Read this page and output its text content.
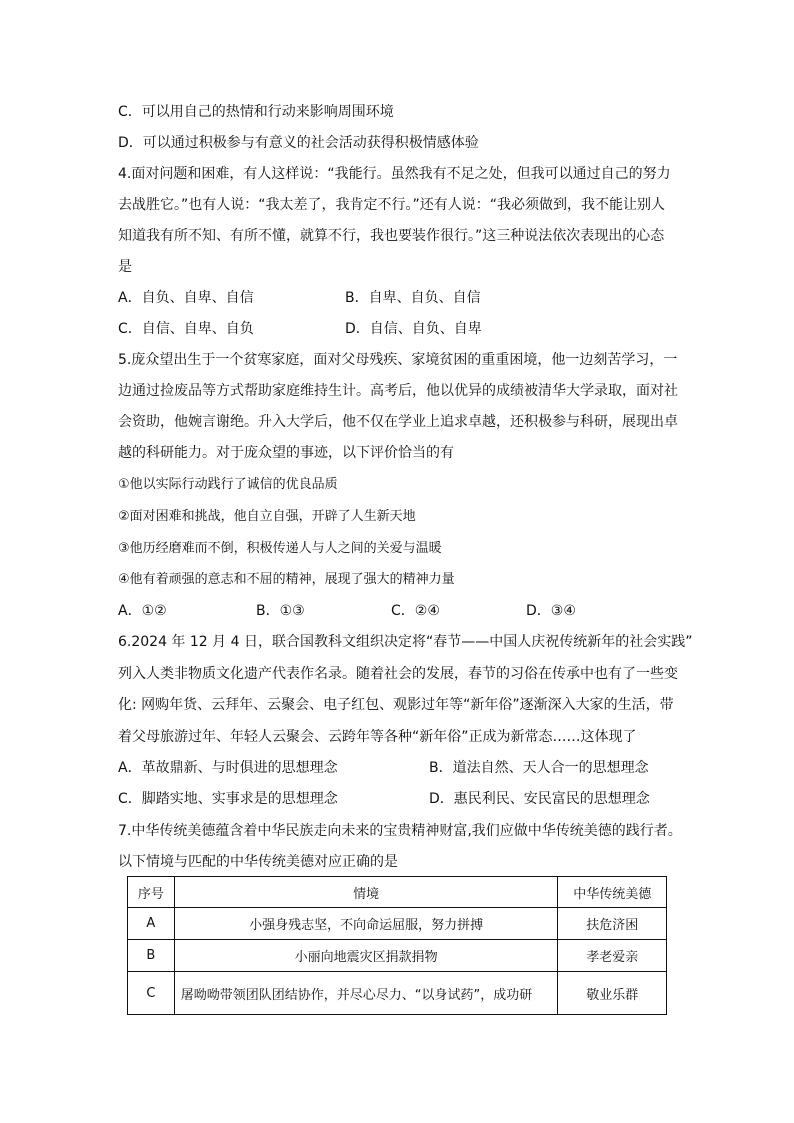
C．可以用自己的热情和行动来影响周围环境
D．可以通过积极参与有意义的社会活动获得积极情感体验
4.面对问题和困难，有人这样说：“我能行。虽然我有不足之处，但我可以通过自己的努力
去战胜它。”也有人说：“我太差了，我肯定不行。”还有人说：“我必须做到，我不能让别人
知道我有所不知、有所不懂，就算不行，我也要装作很行。”这三种说法依次表现出的心态
是
A．自负、自卑、自信	B．自卑、自负、自信
C．自信、自卑、自负	D．自信、自负、自卑
5.庞众望出生于一个贫寒家庭，面对父母残疾、家境贫困的重重困境，他一边刻苦学习，一
边通过捡废品等方式帮助家庭维持生计。高考后，他以优异的成绩被清华大学录取，面对社
会资助，他婉言谢绝。升入大学后，他不仅在学业上追求卓越，还积极参与科研，展现出卓
越的科研能力。对于庞众望的事迹，以下评价恰当的有
①他以实际行动践行了诚信的优良品质
②面对困难和挑战，他自立自强，开辟了人生新天地
③他历经磨难而不倒，积极传递人与人之间的关爱与温暖
④他有着顽强的意志和不屈的精神，展现了强大的精神力量
A．①②	B．①③	C．②④	D．③④
6.2024 年 12 月 4 日，联合国教科文组织决定将“春节——中国人庆祝传统新年的社会实践”
列入人类非物质文化遗产代表作名录。随着社会的发展，春节的习俗在传承中也有了一些变
化: 网购年货、云拜年、云聚会、电子红包、观影过年等“新年俗”逐渐深入大家的生活，带
着父母旅游过年、年轻人云聚会、云跨年等各种“新年俗”正成为新常态……这体现了
A．革故鼎新、与时俱进的思想理念	B．道法自然、天人合一的思想理念
C．脚踏实地、实事求是的思想理念	D．惠民利民、安民富民的思想理念
7.中华传统美德蕴含着中华民族走向未来的宝贵精神财富,我们应做中华传统美德的践行者。
以下情境与匹配的中华传统美德对应正确的是
序号	情境	中华传统美德
A	小强身残志坚，不向命运屈服，努力拼搏	扶危济困
B	小丽向地震灾区捐款捐物	孝老爱亲
C	屠呦呦带领团队团结协作，并尽心尽力、“以身试药”，成功研	敬业乐群
